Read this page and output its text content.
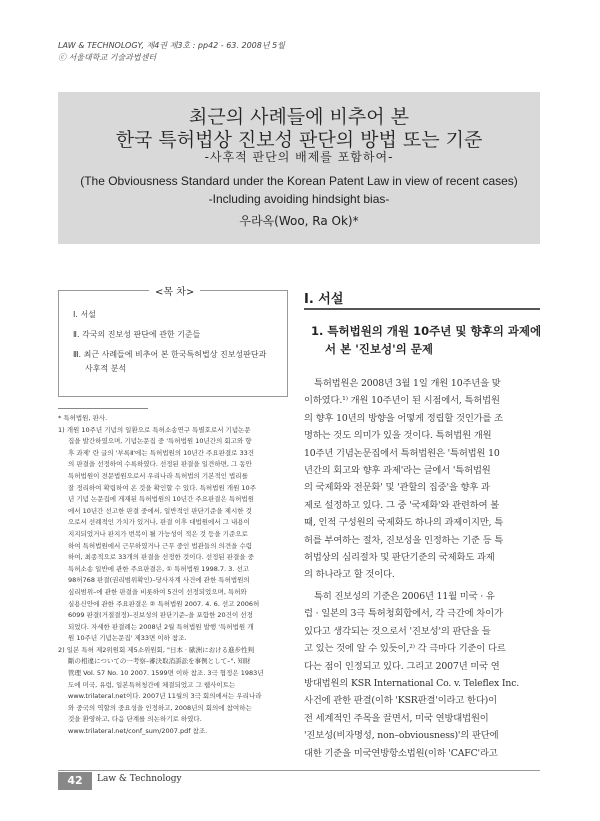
LAW & TECHNOLOGY, 제4권 제3호 : pp42 - 63. 2008년 5월
ⓒ 서울대학교 기술과법센터
최근의 사례들에 비추어 본
한국 특허법상 진보성 판단의 방법 또는 기준
-사후적 판단의 배제를 포함하여-
(The Obviousness Standard under the Korean Patent Law in view of recent cases)
-Including avoiding hindsight bias-
우라옥(Woo, Ra Ok)*
<목 차>
Ⅰ. 서설
Ⅱ. 각국의 진보성 판단에 관한 기준들
Ⅲ. 최근 사례들에 비추어 본 한국특허법상 진보성판단과
사후적 분석
* 특허법원, 판사.
1) 개원 10주년 기념의 일환으로 특허소송연구 특별호로서 기념논문
집을 발간하였으며, 기념논문집 중 '특허법원 10년간의 회고와 향
후 과제' 란 글의 '부록Ⅱ'에는 특허법원의 10년간 주요판결로 33건
의 판결을 선정하여 수록하였다. 선정된 판결을 일견하면, 그 동안
특허법원이 전문법원으로서 우리나라 특허법의 기본적인 법리를
잘 정리하여 확립하여 온 것을 확인할 수 있다. 특허법원 개원 10주
년 기념 논문집에 게재된 특허법원의 10년간 주요판결은 특허법원
에서 10년간 선고한 판결 중에서, 일반적인 판단기준을 제시한 것
으로서 선례적인 가치가 있거나, 판결 이후 대법원에서 그 내용이
지지되었거나 판지가 번복이 될 가능성이 적은 것 등을 기준으로
하여 특허법원에서 근무하였거나 근무 중인 법관들의 의견을 수렴
하여, 최종적으로 33개의 판결을 선정한 것이다. 선정된 판결을 중
특허소송 일반에 관한 주요판결은, ① 특허법원 1998.7. 3. 선고
98허768 판결(권리범위확인)–당사자계 사건에 관한 특허법원의
심리범위–에 관한 판결을 비롯하여 5건이 선정되었으며, 특허와
실용신안에 관한 주요판결은 ② 특허법원 2007. 4. 6. 선고 2006허
6099 판결(거절결정)–진보성의 판단기준–을 포함한 20건이 선정
되었다. 자세한 판결례는 2008년 2월 특허법원 발행 '특허법원 개
원 10주년 기념논문집' 제33면 이하 참조.
2) 일본 특허 제2위원회 제5소위원회, "日本 · 歐洲における進步性判
斷の相違についての一考察–審決取消訴訟を事例として–", 知財
管理 Vol. 57 No. 10 2007. 1599면 이하 참조. 3극 협정은 1983년
도에 미국, 유럽, 일본특허청간에 체결되었고 그 웹사이트는
www.trilateral.net이다. 2007년 11월의 3극 회의에서는 우리나라
와 중국의 역할의 중요성을 인정하고, 2008년의 회의에 참여하는
것을 환영하고, 다음 단계를 의논하기로 하였다.
www.trilateral.net/conf_sum/2007.pdf 참조.
Ⅰ. 서설
1. 특허법원의 개원 10주년 및 향후의 과제에
서 본 '진보성'의 문제
특허법원은 2008년 3월 1일 개원 10주년을 맞
이하였다.¹⁾ 개원 10주년이 된 시점에서, 특허법원
의 향후 10년의 방향을 어떻게 정립할 것인가를 조
명하는 것도 의미가 있을 것이다. 특허법원 개원
10주년 기념논문집에서 특허법원은 '특허법원 10
년간의 회고와 향후 과제'라는 글에서 '특허법원
의 국제화와 전문화' 및 '관할의 집중'을 향후 과
제로 설정하고 있다. 그 중 '국제화'와 관련하여 볼
때, 인적 구성원의 국제화도 하나의 과제이지만, 특
허를 부여하는 절차, 진보성을 인정하는 기준 등 특
허법상의 심리절차 및 판단기준의 국제화도 과제
의 하나라고 할 것이다.
특히 진보성의 기준은 2006년 11월 미국 · 유
럽 · 일본의 3극 특허청회합에서, 각 극간에 차이가
있다고 생각되는 것으로서 '진보성'의 판단을 들
고 있는 것에 알 수 있듯이,²⁾ 각 극마다 기준이 다르
다는 점이 인정되고 있다. 그리고 2007년 미국 연
방대법원의 KSR International Co. v. Teleflex Inc.
사건에 관한 판결(이하 'KSR판결'이라고 한다)이
전 세계적인 주목을 끌면서, 미국 연방대법원이
'진보성(비자명성, non–obviousness)'의 판단에
대한 기준을 미국연방항소법원(이하 'CAFC'라고
42	Law & Technology
